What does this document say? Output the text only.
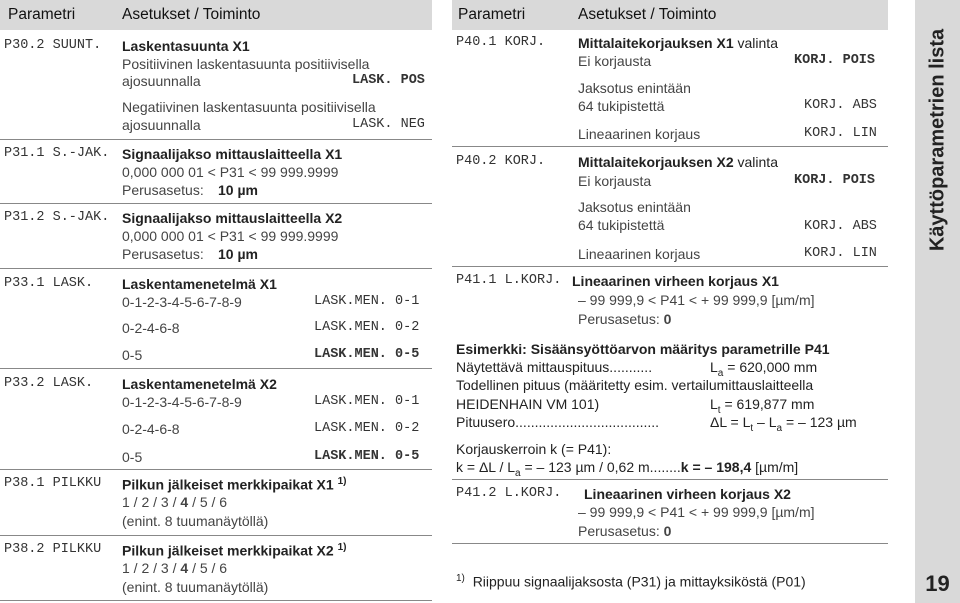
Parametri	Asetukset / Toiminto
P30.2 SUUNT. Laskentasuunta X1
Positiivinen laskentasuunta positiivisella
ajosuunnalla	LASK. POS
Negatiivinen laskentasuunta positiivisella
ajosuunnalla	LASK. NEG
P31.1 S.-JAK. Signaalijakso mittauslaitteella X1
0,000 000 01 < P31 < 99 999.9999
Perusasetus: 10 µm
P31.2 S.-JAK. Signaalijakso mittauslaitteella X2
0,000 000 01 < P31 < 99 999.9999
Perusasetus: 10 µm
P33.1 LASK. Laskentamenetelmä X1
0-1-2-3-4-5-6-7-8-9	LASK.MEN. 0-1
0-2-4-6-8	LASK.MEN. 0-2
0-5	LASK.MEN. 0-5
P33.2 LASK. Laskentamenetelmä X2
0-1-2-3-4-5-6-7-8-9	LASK.MEN. 0-1
0-2-4-6-8	LASK.MEN. 0-2
0-5	LASK.MEN. 0-5
P38.1 PILKKU Pilkun jälkeiset merkkipaikat X1 $^{1)}$
1 / 2 / 3 / 4 / 5 / 6
(enint. 8 tuumanäytöllä)
P38.2 PILKKU Pilkun jälkeiset merkkipaikat X2 $^{1)}$
1 / 2 / 3 / 4 / 5 / 6
(enint. 8 tuumanäytöllä)
Parametri	Asetukset / Toiminto
P40.1 KORJ. Mittalaitekorjauksen X1 valinta
Ei korjausta	KORJ. POIS
Jaksotus enintään
64 tukipistettä	KORJ. ABS
Lineaarinen korjaus	KORJ. LIN
P40.2 KORJ. Mittalaitekorjauksen X2 valinta
Ei korjausta	KORJ. POIS
Jaksotus enintään
64 tukipistettä	KORJ. ABS
Lineaarinen korjaus	KORJ. LIN
P41.1 L.KORJ. Lineaarinen virheen korjaus X1
– 99 999,9 < P41 < + 99 999,9 [µm/m]
Perusasetus: 0
Esimerkki: Sisäänsyöttöarvon määritys parametrille P41
Näytettävä mittauspituus...........	$L_a = 620,000$ mm
Todellinen pituus (määritetty esim. vertailumittauslaitteella
HEIDENHAIN VM 101)	$L_t = 619,877$ mm
Pituusero.....................................	$\Delta L = L_t - L_a$ = – 123 µm
Korjauskerroin k (= P41):
$k = \Delta L / L_a$ = – 123 µm / 0,62 m........k = – 198,4 [µm/m]
P41.2 L.KORJ. Lineaarinen virheen korjaus X2
– 99 999,9 < P41 < + 99 999,9 [µm/m]
Perusasetus: 0
$^{1)}$ Riippuu signaalijaksosta (P31) ja mittayksiköstä (P01)
Käyttöparametrien lista
19
